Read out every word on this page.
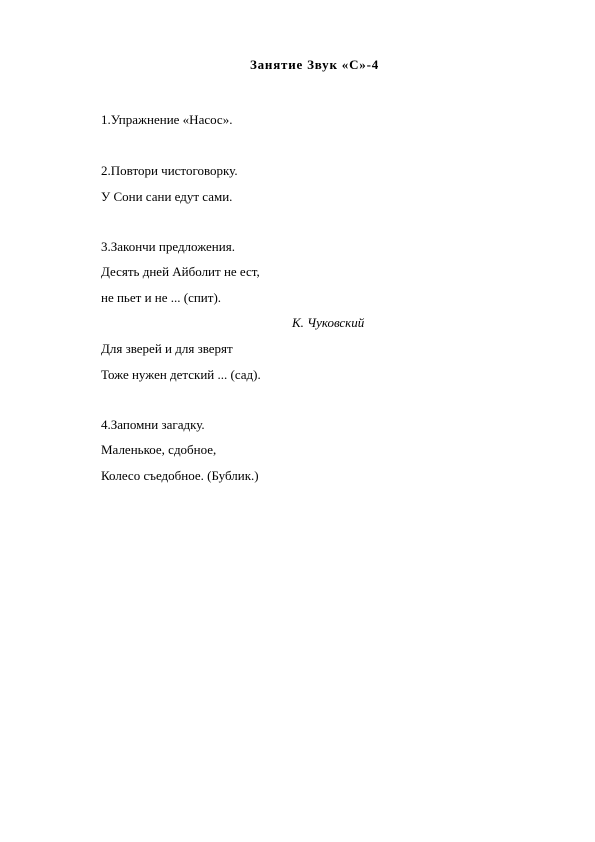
Занятие Звук «С»-4
1.Упражнение «Насос».
2.Повтори чистоговорку.
У Сони сани едут сами.
3.Закончи предложения.
Десять дней Айболит не ест,
не пьет и не ... (спит).
К. Чуковский
Для зверей и для зверят
Тоже нужен детский ... (сад).
4.Запомни загадку.
Маленькое, сдобное,
Колесо съедобное. (Бублик.)
